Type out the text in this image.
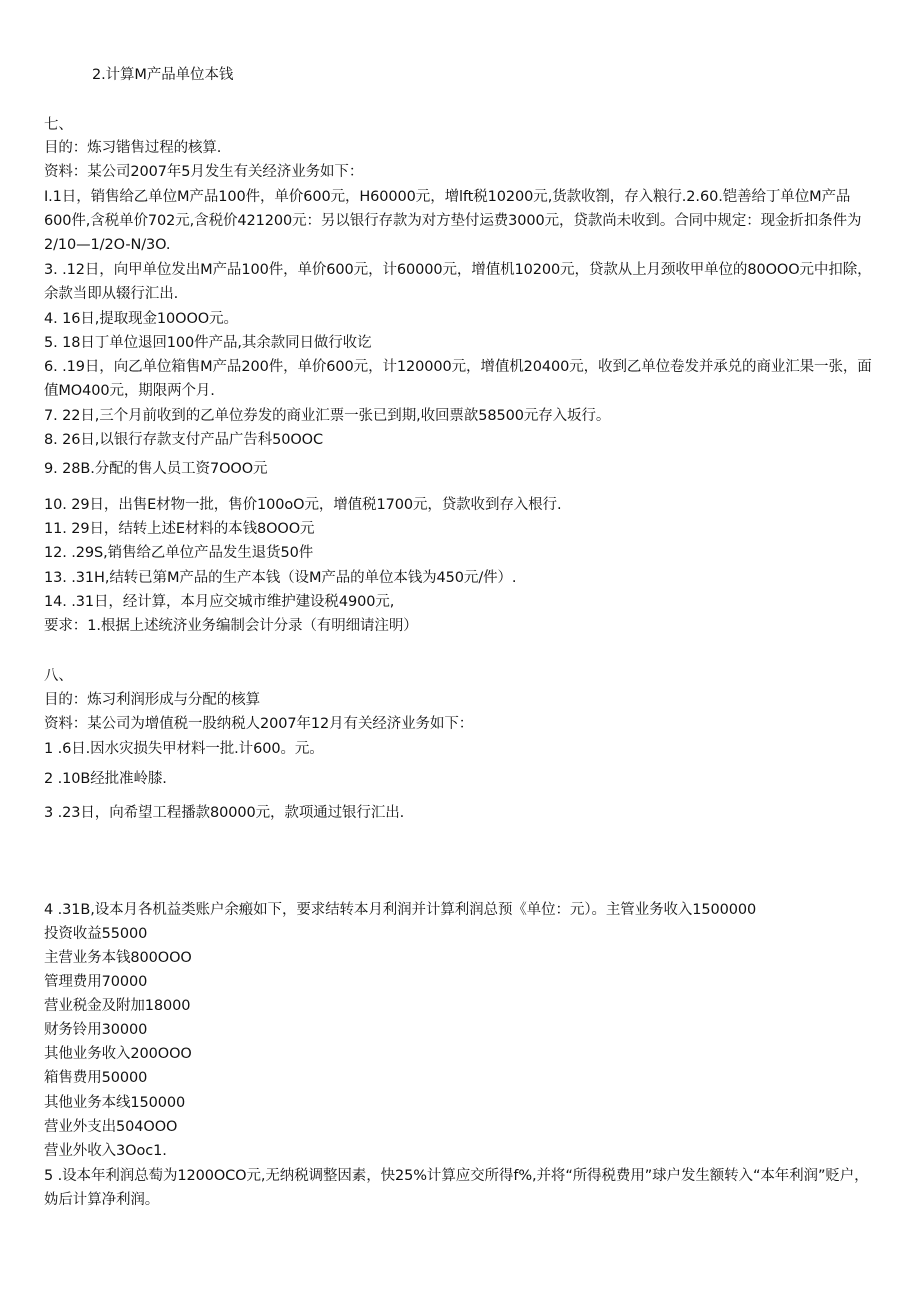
2.计算M产品单位本钱
七、
目的：炼习锴售过程的核算.
资料：某公司2007年5月发生有关经济业务如下：
I.1日，销售给乙单位M产品100件，单价600元，H60000元，增lft税10200元,货款收劄，存入粮行.2.60.铠善给丁单位M产品600件,含税单价702元,含税价421200元：另以银行存款为对方垫付运费3000元，贷款尚未收到。合同中规定：现金折扣条件为2/10—1/2O-N/3O.
3. .12日，向甲单位发出M产品100件，单价600元，计60000元，增值机10200元，贷款从上月颈收甲单位的80OOO元中扣除，余款当即从辍行汇出.
4. 16日,提取现金10OOO元。
5. 18日丁单位退回100件产品,其余款同日做行收讫
6. .19日，向乙单位箱售M产品200件，单价600元，计120000元，增值机20400元，收到乙单位卷发并承兑的商业汇果一张，面值MO400元，期限两个月.
7. 22日,三个月前收到的乙单位券发的商业汇票一张已到期,收回票歆58500元存入坂行。
8. 26日,以银行存款支付产品广告科50OOC
9. 28B.分配的售人员工资7OOO元
10. 29日，出售E材物一批，售价100oO元，增值税1700元，贷款收到存入根行.
11. 29日，结转上述E材料的本钱8OOO元
12. .29S,销售给乙单位产品发生退货50件
13. .31H,结转已第M产品的生产本钱（设M产品的单位本钱为450元/件）.
14. .31日，经计算，本月应交城市维护建设税4900元,
要求：1.根据上述统济业务编制会计分录（有明细请注明）
八、
目的：炼习利润形成与分配的核算
资料：某公司为增值税一股纳税人2007年12月有关经济业务如下：
1 .6日.因水灾损失甲材料一批.计600。元。
2 .10B经批准岭膝.
3 .23日，向希望工程播款80000元，款项通过银行汇出.
4 .31B,设本月各机益类账户余瘢如下，要求结转本月利润并计算利润总预《单位：元）。主管业务收入1500000
投资收益55000
主营业务本钱800OOO
管理费用70000
营业税金及附加18000
财务铃用30000
其他业务收入200OOO
箱售费用50000
其他业务本线150000
营业外支出504OOO
营业外收入3Ooc1.
5 .设本年利润总萄为1200OCO元,无纳税调整因素，快25%计算应交所得f%,并将“所得税费用”球户发生额转入“本年利润”贬户，妫后计算净利润。
